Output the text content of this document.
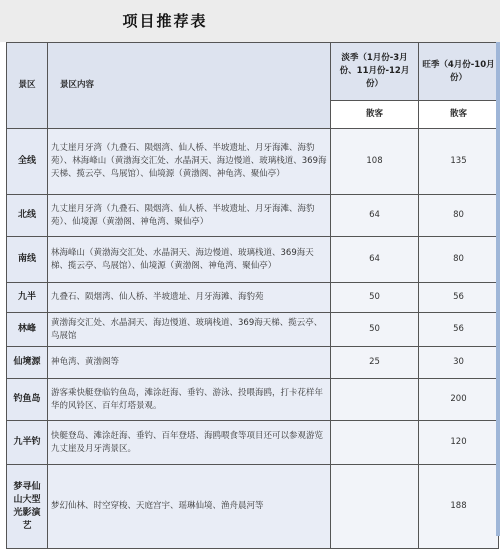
项目推荐表
景区	景区内容	淡季（1月份-3月份、11月份-12月份）	旺季（4月份-10月份）
		散客	散客
全线	九丈崖月牙湾（九叠石、陨烟湾、仙人桥、半坡遗址、月牙海滩、海豹苑）、林海峰山（黄渤海交汇处、水晶洞天、海边慢道、玻璃栈道、369海天梯、揽云亭、鸟展馆）、仙境源（黄渤阁、神龟湾、聚仙亭）	108	135
北线	九丈崖月牙湾（九叠石、陨烟湾、仙人桥、半坡遗址、月牙海滩、海豹苑）、仙境源（黄渤阁、神龟湾、聚仙亭）	64	80
南线	林海峰山（黄渤海交汇处、水晶洞天、海边慢道、玻璃栈道、369海天梯、揽云亭、鸟展馆）、仙境源（黄渤阁、神龟湾、聚仙亭）	64	80
九半	九叠石、陨烟湾、仙人桥、半坡遗址、月牙海滩、海豹苑	50	56
林峰	黄渤海交汇处、水晶洞天、海边慢道、玻璃栈道、369海天梯、揽云亭、鸟展馆	50	56
仙境源	神龟湾、黄渤阁等	25	30
钓鱼岛	游客乘快艇登临钓鱼岛，滩涂赶海、垂钓、游泳、投喂海鸥，打卡花样年华的风铃区、百年灯塔景观。		200
九半钓	快艇登岛、滩涂赶海、垂钓、百年登塔、海鸥喂食等项目还可以参观游览九丈崖及月牙湾景区。		120
梦寻仙山大型光影演艺	梦幻仙林、时空穿梭、天庭宫宇、瑶琳仙境、渔舟晨河等		188
